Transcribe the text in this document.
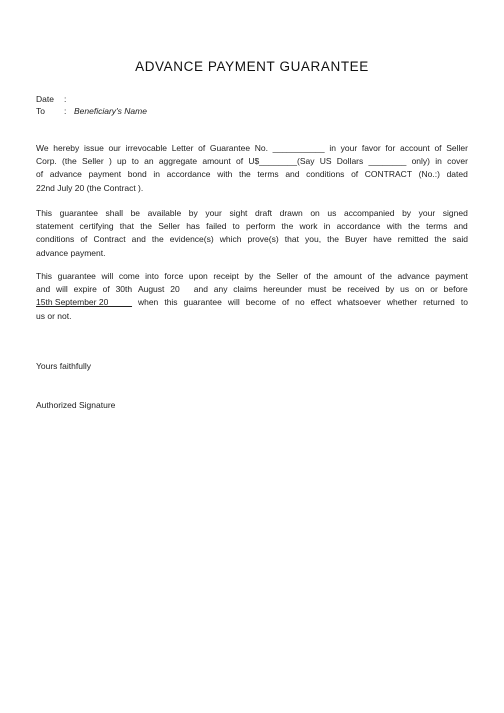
ADVANCE PAYMENT GUARANTEE
Date :
To : Beneficiary's Name
We hereby issue our irrevocable Letter of Guarantee No. ___________ in your favor for account of Seller
Corp. (the Seller ) up to an aggregate amount of U$________(Say US Dollars ________ only) in cover
of advance payment bond in accordance with the terms and conditions of CONTRACT (No.:) dated
22nd July 20 (the Contract ).
This guarantee shall be available by your sight draft drawn on us accompanied by your signed
statement certifying that the Seller has failed to perform the work in accordance with the terms and
conditions of Contract and the evidence(s) which prove(s) that you, the Buyer have remitted the said
advance payment.
This guarantee will come into force upon receipt by the Seller of the amount of the advance payment
and will expire of 30th August 20
and any claims hereunder must be received by us on or before
15th September 20_____ when this guarantee will become of no effect whatsoever whether returned to
us or not.
Yours faithfully
Authorized Signature
